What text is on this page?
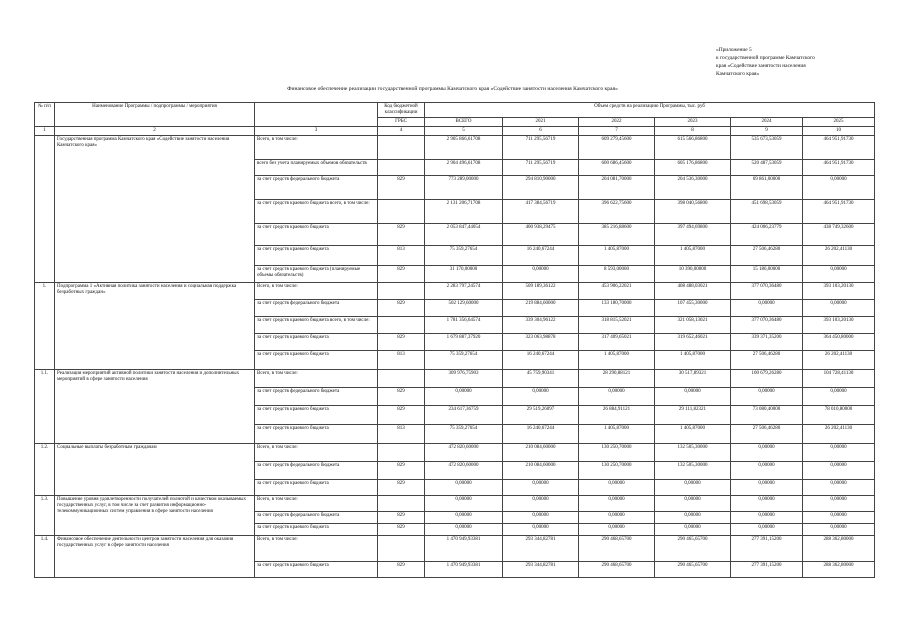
«Приложение 5
к государственной программе Камчатского
края «Содействие занятости населения
Камчатского края»
Финансовое обеспечение реализации государственной программы Камчатского края «Содействие занятости населения Камчатского края»
№ п/п	Наименование Программы / подпрограммы / мероприятия		Код бюджетной классификации	Объем средств на реализацию Программы, тыс. руб					
			ГРБС	ВСЕГО	2021	2022	2023	2024	2025
1	2	3	4	5	6	7	8	9	10
	Государственная программа Камчатского края «Содействие занятости населения Камчатского края»	Всего, в том числе:		2 905 866,61708	711 295,56719	609 279,45600	615 566,86800	535 673,53059	464 951,91730
		всего без учета планируемых объемов обязательств		2 904 496,61708	711 295,56719	600 686,45600	605 176,86800	520 487,53059	464 951,91730
		за счет средств федерального бюджета	829	773 289,00000	294 810,90000	204 081,70000	204 536,30000	69 861,00000	0,00000
		за счет средств краевого бюджета всего, в том числе:		2 131 206,71708	417 384,56719	396 622,75600	398 040,56800	451 698,53059	464 951,91730
		за счет средств краевого бюджета	829	2 053 847,44054	400 938,29475	385 216,88600	397 494,69800	424 006,23779	438 749,32600
		за счет средств краевого бюджета	813	75 359,27654	16 240,67244	1 405,87000	1 405,87000	27 506,46280	26 202,41130
		за счет средств краевого бюджета (планируемые объемы обязательств)	829	31 170,00000	0,00000	8 593,00000	10 390,00000	15 186,00000	0,00000
1.	Подпрограмма 1 «Активная политика занятости населения и социальная поддержка безработных граждан»	Всего, в том числе:		2 283 797,24574	509 189,36122	453 906,22021	408 488,03021	377 070,36480	393 103,20130
		за счет средств федерального бюджета	829	502 129,60000	219 884,60000	133 180,70000	107 455,30000	0,00000	0,00000
		за счет средств краевого бюджета всего, в том числе:		1 781 356,64574	339 304,96122	318 815,52021	321 058,13021	377 070,36480	393 103,20130
		за счет средств краевого бюджета	829	1 679 887,37920	323 063,98878	317 409,65021	319 652,46021	339 371,35200	364 450,80000
		за счет средств краевого бюджета	813	75 359,27654	16 240,67244	1 405,87000	1 405,87000	27 506,46280	26 202,41130
1.1.	Реализация мероприятий активной политики занятости населения и дополнительных мероприятий в сфере занятости населения	Всего, в том числе:		309 976,75903	45 759,90341	28 290,88121	30 517,89321	100 679,26280	104 728,41130
		за счет средств федерального бюджета	829	0,00000	0,00000	0,00000	0,00000	0,00000	0,00000
		за счет средств краевого бюджета	829	234 617,36759	29 519,26097	26 884,91121	29 111,82321	73 080,40000	78 010,80000
		за счет средств краевого бюджета	813	75 359,27654	16 240,67244	1 405,87000	1 405,87000	27 506,46280	26 202,41130
1.2.	Социальные выплаты безработным гражданам	Всего, в том числе:		472 820,60000	210 084,60000	130 250,70000	132 505,30000	0,00000	0,00000
		за счет средств федерального бюджета	829	472 820,60000	210 084,60000	130 250,70000	132 505,30000	0,00000	0,00000
		за счет средств краевого бюджета	829	0,00000	0,00000	0,00000	0,00000	0,00000	0,00000
1.3.	Повышение уровня удовлетворенности получателей полнотой и качеством оказываемых государственных услуг, в том числе за счет развития информационно-телекоммуникационных систем управления в сфере занятости населения	Всего, в том числе:		0,00000	0,00000	0,00000	0,00000	0,00000	0,00000
		за счет средств федерального бюджета	829	0,00000	0,00000	0,00000	0,00000	0,00000	0,00000
		за счет средств краевого бюджета	829	0,00000	0,00000	0,00000	0,00000	0,00000	0,00000
1.4.	Финансовое обеспечение деятельности центров занятости населения для оказания государственных услуг в сфере занятости населения	Всего, в том числе:		1 470 949,93381	293 344,82781	290 468,65700	290 465,65700	277 391,15200	288 362,80000
		за счет средств краевого бюджета	829	1 470 949,93381	293 344,82781	290 468,65700	290 465,65700	277 391,15200	288 362,80000
